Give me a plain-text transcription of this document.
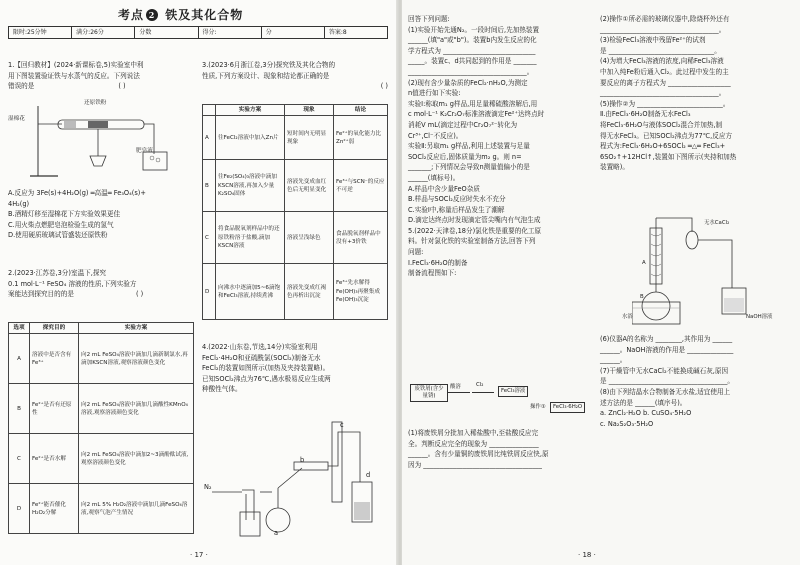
考点 2 铁及其化合物
限时:25分钟	满分:26分	分数	得分:	分	答案:8
1.【回归教材】(2024·新课标卷,5)实验室中利
用下图装置验证铁与水蒸气的反应。下列说法
错误的是	( )
湿棉花
还原铁粉
肥皂液
A.反应为 3Fe(s)+4H₂O(g) ═高温═ Fe₃O₄(s)+
4H₂(g)
B.酒精灯移至湿棉花下方实验效果更佳
C.用火柴点燃肥皂泡检验生成的氢气
D.使用硬质玻璃试管盛装还原铁粉
2.(2023·江苏卷,3分)室温下,探究
0.1 mol·L⁻¹ FeSO₄ 溶液的性质,下列实验方
案能达到探究目的的是	( )
选项	探究目的	实验方案
A	溶液中是否含有Fe³⁺	向2 mL FeSO₄溶液中滴加几滴新制氯水,再滴加KSCN溶液,观察溶液颜色变化
B	Fe²⁺是否有还原性	向2 mL FeSO₄溶液中滴加几滴酸性KMnO₄溶液,观察溶液颜色变化
C	Fe²⁺是否水解	向2 mL FeSO₄溶液中滴加2~3滴酚酞试液,观察溶液颜色变化
D	Fe²⁺能否催化H₂O₂分解	向2 mL 5% H₂O₂溶液中滴加几滴FeSO₄溶液,观察气泡产生情况
3.(2023·6月浙江卷,3分)探究铁及其化合物的
性质,下列方案设计、现象和结论都正确的是
( )
	实验方案	现象	结论
A	往FeCl₂溶液中加入Zn片	短时间内无明显现象	Fe²⁺的氧化能力比Zn²⁺弱
B	往Fe₂(SO₄)₃溶液中滴加KSCN溶液,再加入少量K₂SO₄固体	溶液先变成血红色后无明显变化	Fe³⁺与SCN⁻的反应不可逆
C	将食品脱氧剂样品中的还原铁粉溶于盐酸,滴加KSCN溶液	溶液呈浅绿色	食品脱氧剂样品中没有+3价铁
D	向沸水中逐滴加5~6滴饱和FeCl₃溶液,持续煮沸	溶液先变成红褐色再析出沉淀	Fe³⁺先水解得Fe(OH)₃再聚集成Fe(OH)₃沉淀
4.(2022·山东卷,节选,14分)实验室利用
FeCl₂·4H₂O和亚硫酰氯(SOCl₂)制备无水
FeCl₂的装置如图所示(加热及夹持装置略)。
已知SOCl₂沸点为76℃,遇水极易反应生成两
种酸性气体。
N₂
a
b
c
d
· 17 ·
回答下列问题:
(1)实验开始先通N₂。一段时间后,先加热装置
______(填"a"或"b")。装置b内发生反应的化
学方程式为 ____________________________
_____。装置c、d共同起到的作用是 _______
____________________________________。
(2)现有含少量杂质的FeCl₂·nH₂O,为测定
n值进行如下实验:
实验Ⅰ:称取m₁ g样品,用足量稀硫酸溶解后,用
c mol·L⁻¹ K₂Cr₂O₇标准溶液滴定Fe²⁺达终点时
消耗V mL(滴定过程中Cr₂O₇²⁻转化为
Cr³⁺,Cl⁻不反应)。
实验Ⅱ:另取m₁ g样品,利用上述装置与足量
SOCl₂反应后,固体质量为m₂ g。则 n=
_______;下列情况会导致n测量值偏小的是
______(填标号)。
A.样品中含少量FeO杂质
B.样品与SOCl₂反应时失水不充分
C.实验Ⅰ中,称量后样品发生了潮解
D.滴定达终点时发现滴定管尖嘴内有气泡生成
5.(2022·天津卷,18分)氯化铁是重要的化工原
料。针对氯化铁的实验室制备方法,回答下列
问题:
Ⅰ.FeCl₃·6H₂O的制备
制备流程图如下:
废铁屑(含少量锈)
酸溶	Cl₂
FeCl₃溶液
操作①	FeCl₃·6H₂O
(1)将废铁屑分批加入稀盐酸中,至盐酸反应完
全。判断反应完全的现象为 _______________
______。含有少量铜的废铁屑比纯铁屑反应快,原
因为 ____________________________________
(2)操作①所必需的玻璃仪器中,除烧杯外还有
____________________________________。
(3)检验FeCl₃溶液中残留Fe²⁺的试剂
是 ________________________________。
(4)为增大FeCl₃溶液的浓度,向稀FeCl₃溶液
中加入纯Fe粉后通入Cl₂。此过程中发生的主
要反应的离子方程式为 ___________________
____________________________________。
(5)操作②为 __________________________。
Ⅱ.由FeCl₃·6H₂O制备无水FeCl₃
将FeCl₃·6H₂O与液体SOCl₂混合并加热,制
得无水FeCl₃。已知SOCl₂沸点为77℃,反应方
程式为:FeCl₃·6H₂O+6SOCl₂ ═△═ FeCl₃+
6SO₂↑+12HCl↑,装置如下图所示(夹持和加热
装置略)。
无水CaCl₂
A
B
水浴	NaOH溶液
(6)仪器A的名称为 ________,其作用为 ______
______。NaOH溶液的作用是 ______________
______。
(7)干燥管中无水CaCl₂不能换成碱石灰,原因
是 ____________________________________。
(8)由下列结晶水合物制备无水盐,适宜使用上
述方法的是 ______(填序号)。
a. ZnCl₂·H₂O b. CuSO₄·5H₂O
c. Na₂S₂O₃·5H₂O
· 18 ·
